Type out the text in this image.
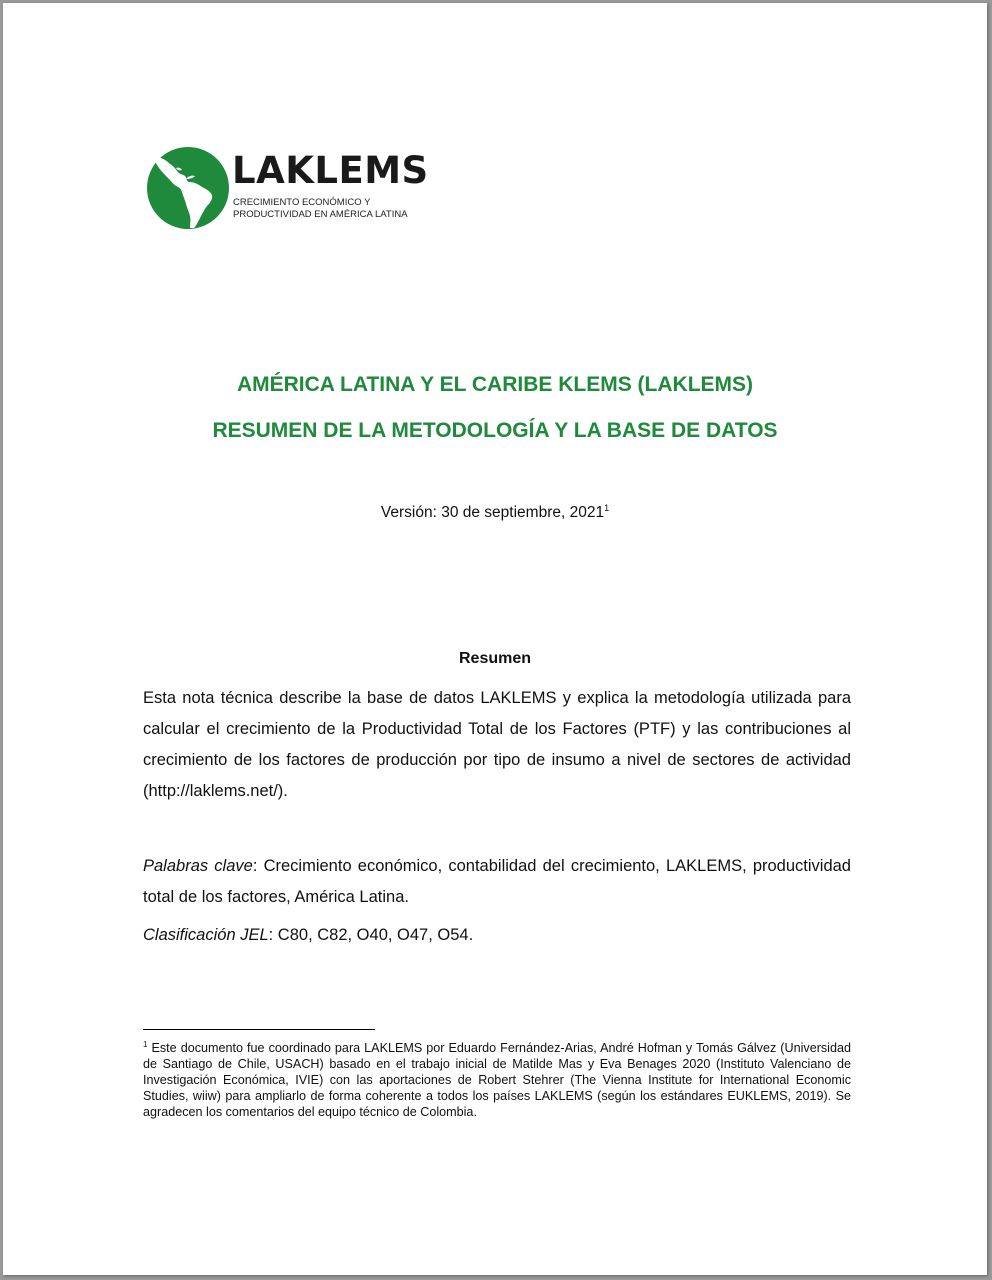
LAKLEMS
CRECIMIENTO ECONÓMICO Y
PRODUCTIVIDAD EN AMÉRICA LATINA
AMÉRICA LATINA Y EL CARIBE KLEMS (LAKLEMS)
RESUMEN DE LA METODOLOGÍA Y LA BASE DE DATOS
Versión: 30 de septiembre, 2021$^1$
Resumen

Esta nota técnica describe la base de datos LAKLEMS y explica la metodología utilizada para calcular el crecimiento de la Productividad Total de los Factores (PTF) y las contribuciones al crecimiento de los factores de producción por tipo de insumo a nivel de sectores de actividad (http://laklems.net/).

Palabras clave: Crecimiento económico, contabilidad del crecimiento, LAKLEMS, productividad total de los factores, América Latina.

Clasificación JEL: C80, C82, O40, O47, O54.

$^1$ Este documento fue coordinado para LAKLEMS por Eduardo Fernández-Arias, André Hofman y Tomás Gálvez (Universidad de Santiago de Chile, USACH) basado en el trabajo inicial de Matilde Mas y Eva Benages 2020 (Instituto Valenciano de Investigación Económica, IVIE) con las aportaciones de Robert Stehrer (The Vienna Institute for International Economic Studies, wiiw) para ampliarlo de forma coherente a todos los países LAKLEMS (según los estándares EUKLEMS, 2019). Se agradecen los comentarios del equipo técnico de Colombia.
